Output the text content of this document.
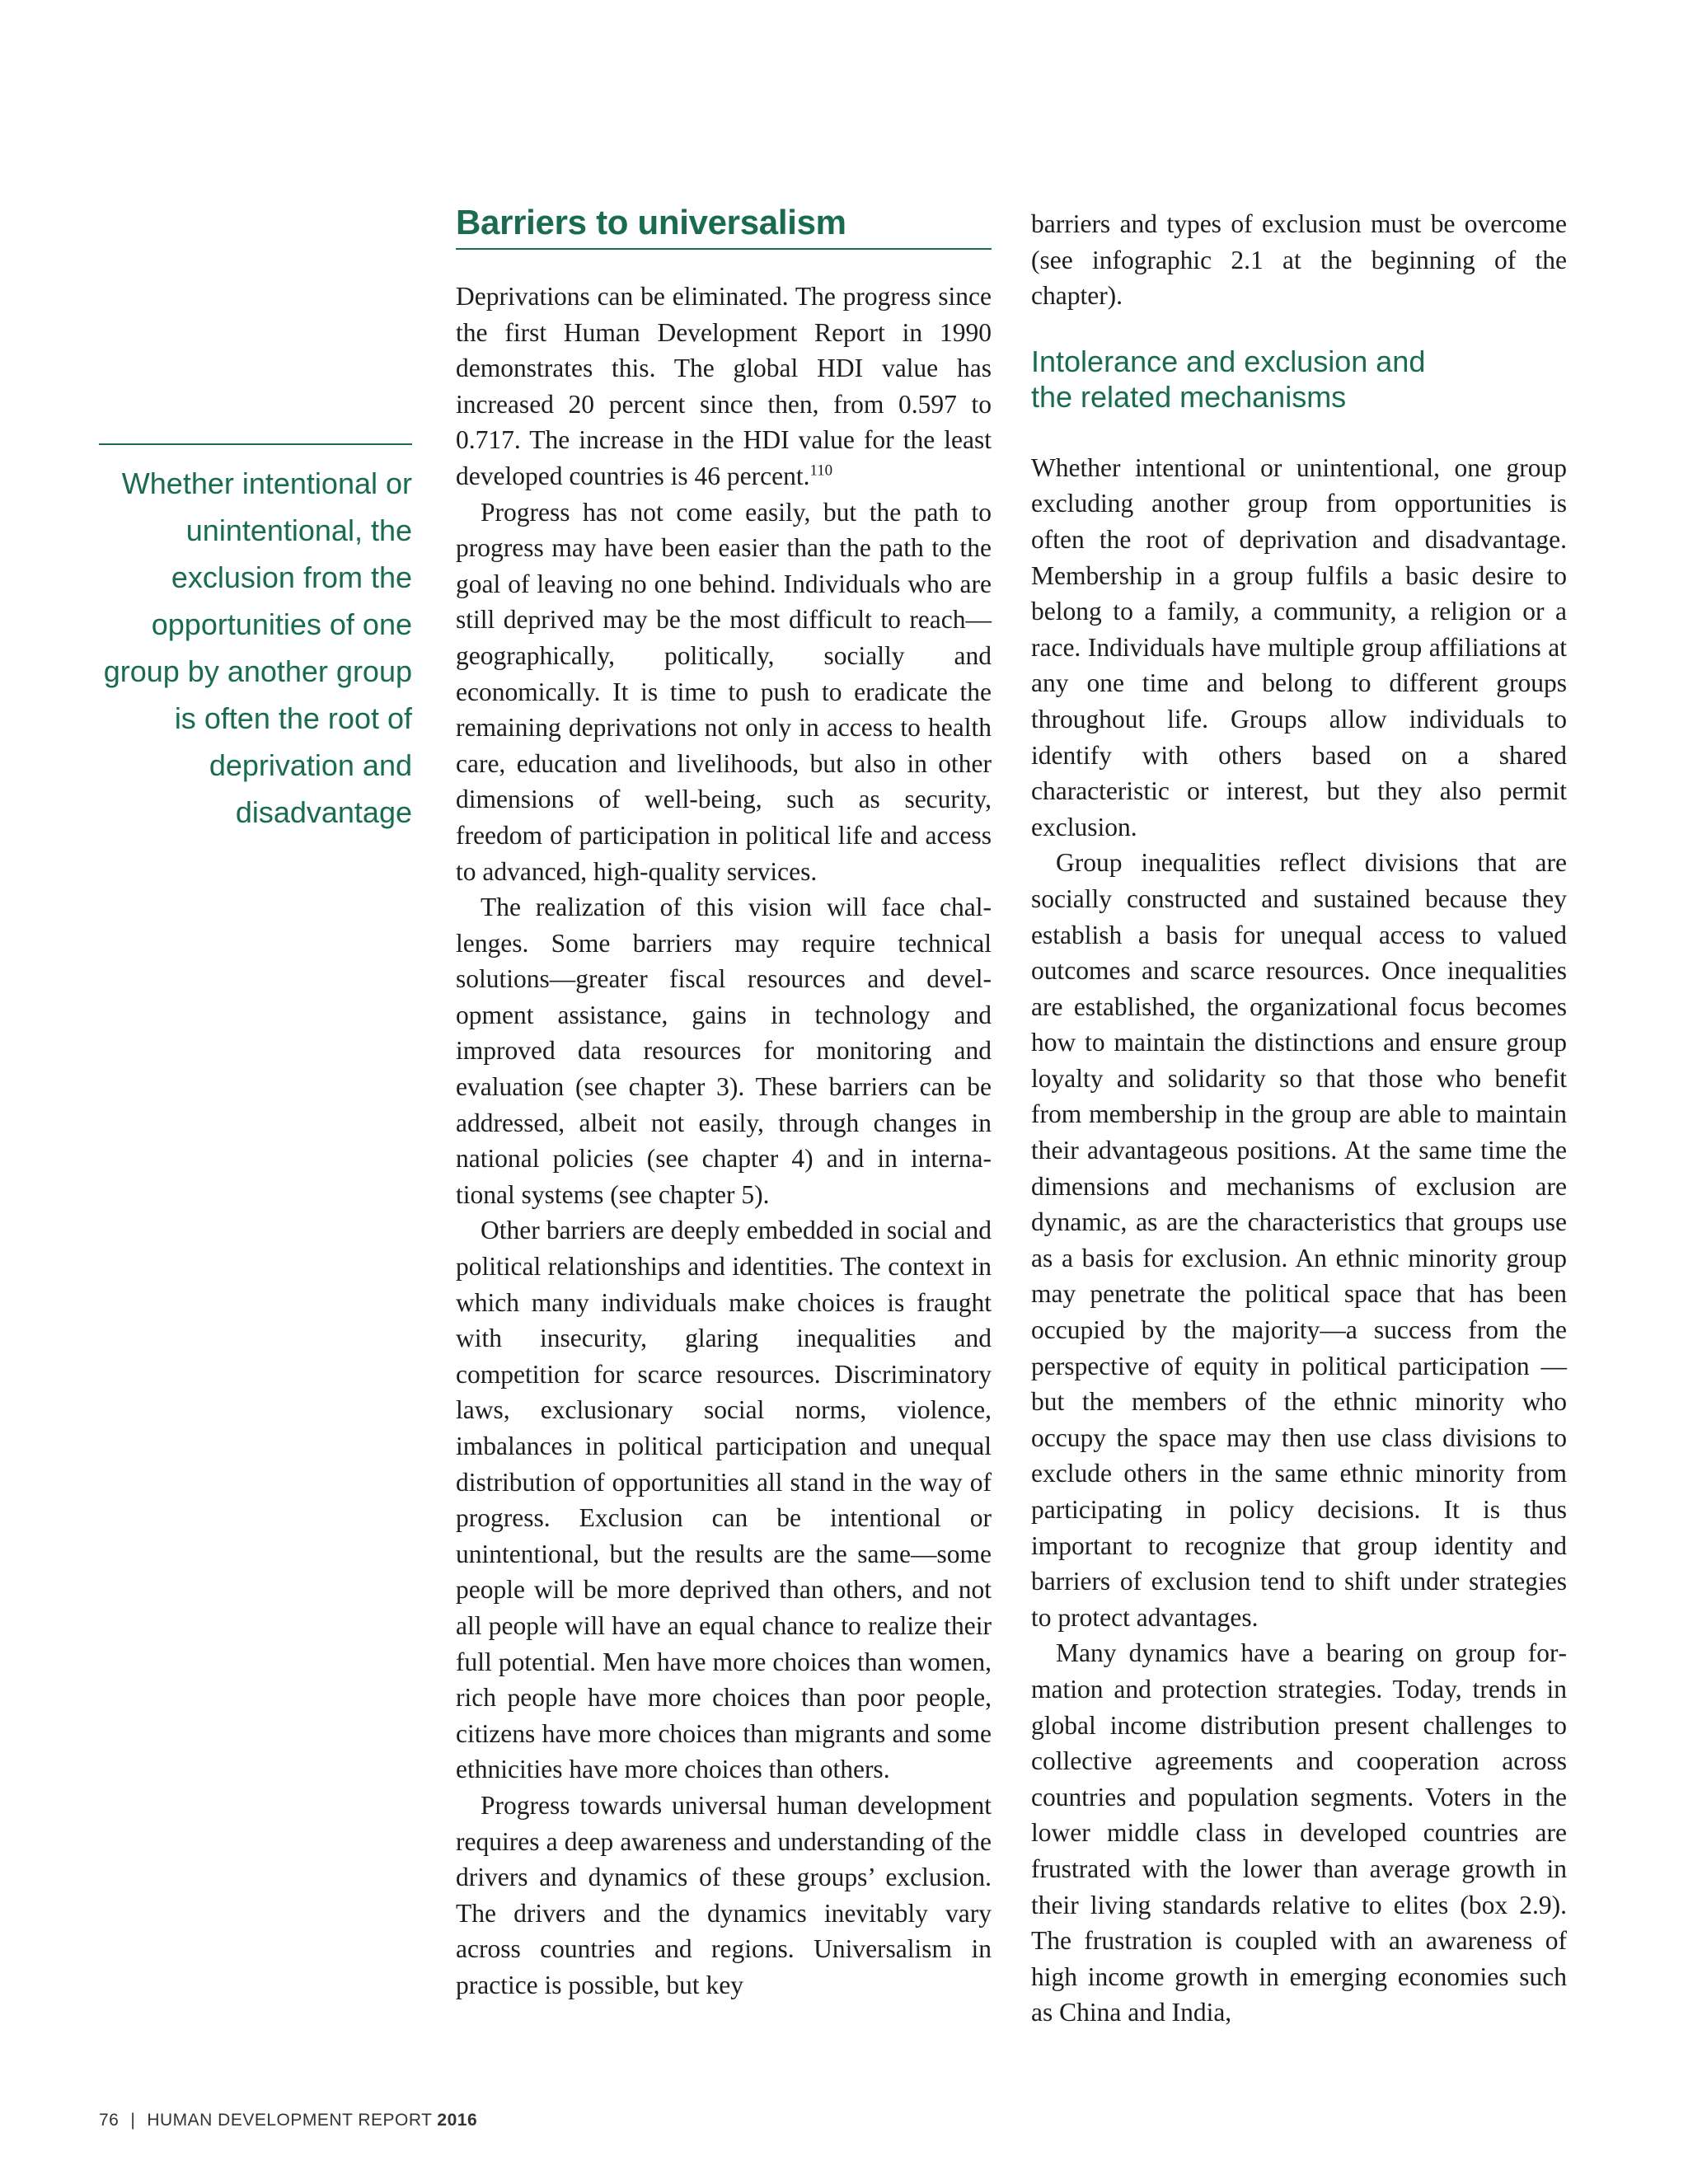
Barriers to universalism
Whether intentional or unintentional, the exclusion from the opportunities of one group by another group is often the root of deprivation and disadvantage

Deprivations can be eliminated. The progress since the first Human Development Report in 1990 demonstrates this. The global HDI value has increased 20 percent since then, from 0.597 to 0.717. The increase in the HDI value for the least developed countries is 46 percent.$^{110}$

Progress has not come easily, but the path to progress may have been easier than the path to the goal of leaving no one behind. Individuals who are still deprived may be the most difficult to reach—geographically, politically, socially and economically. It is time to push to eradicate the remaining deprivations not only in access to health care, education and livelihoods, but also in other dimensions of well-being, such as security, freedom of participation in political life and access to advanced, high-quality services.

The realization of this vision will face challenges. Some barriers may require technical solutions—greater fiscal resources and development assistance, gains in technology and improved data resources for monitoring and evaluation (see chapter 3). These barriers can be addressed, albeit not easily, through changes in national policies (see chapter 4) and in international systems (see chapter 5).

Other barriers are deeply embedded in social and political relationships and identities. The context in which many individuals make choices is fraught with insecurity, glaring inequalities and competition for scarce resources. Discriminatory laws, exclusionary social norms, violence, imbalances in political participation and unequal distribution of opportunities all stand in the way of progress. Exclusion can be intentional or unintentional, but the results are the same—some people will be more deprived than others, and not all people will have an equal chance to realize their full potential. Men have more choices than women, rich people have more choices than poor people, citizens have more choices than migrants and some ethnicities have more choices than others.

Progress towards universal human development requires a deep awareness and understanding of the drivers and dynamics of these groups’ exclusion. The drivers and the dynamics inevitably vary across countries and regions. Universalism in practice is possible, but key

barriers and types of exclusion must be overcome (see infographic 2.1 at the beginning of the chapter).

Intolerance and exclusion and
the related mechanisms

Whether intentional or unintentional, one group excluding another group from opportunities is often the root of deprivation and disadvantage. Membership in a group fulfils a basic desire to belong to a family, a community, a religion or a race. Individuals have multiple group affiliations at any one time and belong to different groups throughout life. Groups allow individuals to identify with others based on a shared characteristic or interest, but they also permit exclusion.

Group inequalities reflect divisions that are socially constructed and sustained because they establish a basis for unequal access to valued outcomes and scarce resources. Once inequalities are established, the organizational focus becomes how to maintain the distinctions and ensure group loyalty and solidarity so that those who benefit from membership in the group are able to maintain their advantageous positions. At the same time the dimensions and mechanisms of exclusion are dynamic, as are the characteristics that groups use as a basis for exclusion. An ethnic minority group may penetrate the political space that has been occupied by the majority—a success from the perspective of equity in political participation —but the members of the ethnic minority who occupy the space may then use class divisions to exclude others in the same ethnic minority from participating in policy decisions. It is thus important to recognize that group identity and barriers of exclusion tend to shift under strategies to protect advantages.

Many dynamics have a bearing on group formation and protection strategies. Today, trends in global income distribution present challenges to collective agreements and cooperation across countries and population segments. Voters in the lower middle class in developed countries are frustrated with the lower than average growth in their living standards relative to elites (box 2.9). The frustration is coupled with an awareness of high income growth in emerging economies such as China and India,

76 | HUMAN DEVELOPMENT REPORT 2016
